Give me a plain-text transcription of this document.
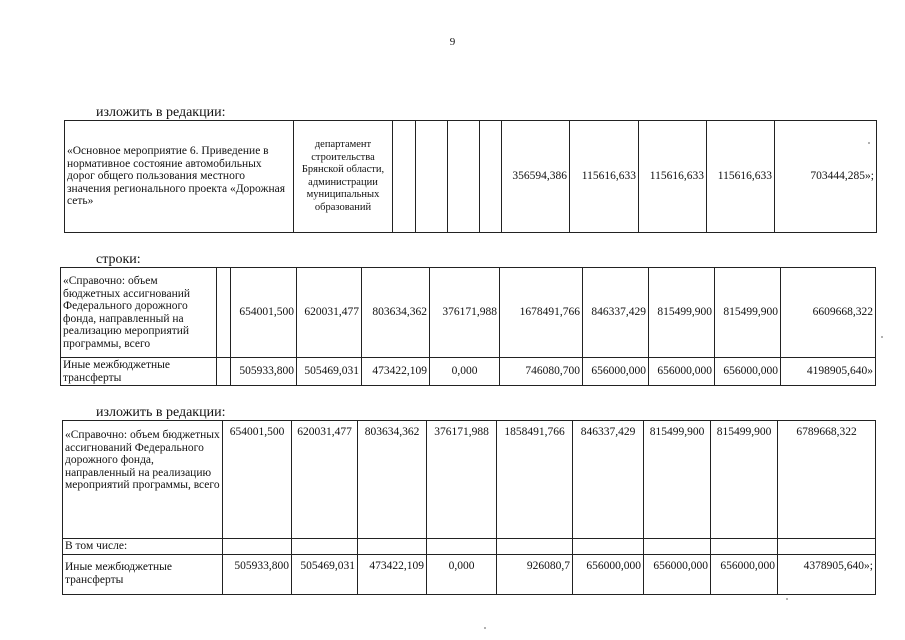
9
изложить в редакции:
«Основное мероприятие 6. Приведение в нормативное состояние автомобильных дорог общего пользования местного значения регионального проекта «Дорожная сеть»	департамент строительства Брянской области, администрации муниципальных образований					356594,386	115616,633	115616,633	115616,633	703444,285»;
строки:
«Справочно: объем бюджетных ассигнований Федерального дорожного фонда, направленный на реализацию мероприятий программы, всего		654001,500	620031,477	803634,362	376171,988	1678491,766	846337,429	815499,900	815499,900	6609668,322
Иные межбюджетные трансферты		505933,800	505469,031	473422,109	0,000	746080,700	656000,000	656000,000	656000,000	4198905,640»
изложить в редакции:
«Справочно: объем бюджетных ассигнований Федерального дорожного фонда, направленный на реализацию мероприятий программы, всего	654001,500	620031,477	803634,362	376171,988	1858491,766	846337,429	815499,900	815499,900	6789668,322
В том числе:									
Иные межбюджетные трансферты	505933,800	505469,031	473422,109	0,000	926080,7	656000,000	656000,000	656000,000	4378905,640»;
